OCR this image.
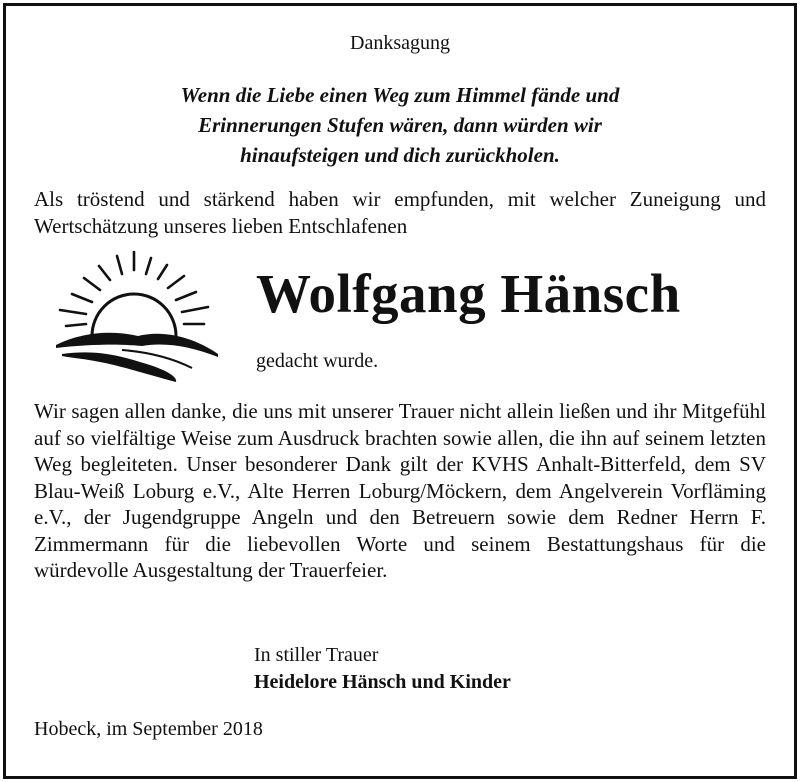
Danksagung
Wenn die Liebe einen Weg zum Himmel fände und
Erinnerungen Stufen wären, dann würden wir
hinaufsteigen und dich zurückholen.
Als tröstend und stärkend haben wir empfunden, mit welcher Zuneigung und Wertschätzung unseres lieben Entschlafenen
Wolfgang Hänsch
gedacht wurde.

Wir sagen allen danke, die uns mit unserer Trauer nicht allein ließen und ihr Mitgefühl auf so vielfältige Weise zum Ausdruck brachten sowie allen, die ihn auf seinem letzten Weg begleiteten. Unser besonderer Dank gilt der KVHS Anhalt-Bitterfeld, dem SV Blau-Weiß Loburg e.V., Alte Herren Loburg/Möckern, dem Angelverein Vorfläming e.V., der Jugendgruppe Angeln und den Betreuern sowie dem Redner Herrn F. Zimmermann für die liebevollen Worte und seinem Bestattungshaus für die würdevolle Ausgestaltung der Trauerfeier.

In stiller Trauer
Heidelore Hänsch und Kinder
Hobeck, im September 2018
